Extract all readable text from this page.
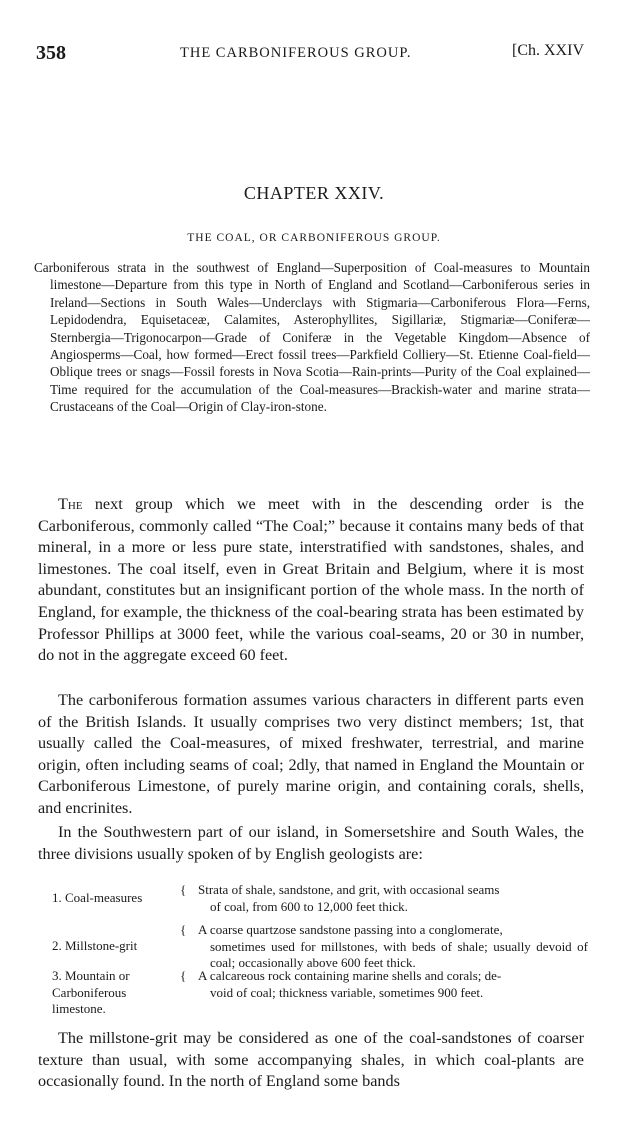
358	THE CARBONIFEROUS GROUP.	[Ch. XXIV
CHAPTER XXIV.
THE COAL, OR CARBONIFEROUS GROUP.

Carboniferous strata in the southwest of England—Superposition of Coal-measures to Mountain limestone—Departure from this type in North of England and Scotland—Carboniferous series in Ireland—Sections in South Wales—Underclays with Stigmaria—Carboniferous Flora—Ferns, Lepidodendra, Equisetaceæ, Calamites, Asterophyllites, Sigillariæ, Stigmariæ—Coniferæ—Sternbergia—Trigonocarpon—Grade of Coniferæ in the Vegetable Kingdom—Absence of Angiosperms—Coal, how formed—Erect fossil trees—Parkfield Colliery—St. Etienne Coal-field—Oblique trees or snags—Fossil forests in Nova Scotia—Rain-prints—Purity of the Coal explained—Time required for the accumulation of the Coal-measures—Brackish-water and marine strata—Crustaceans of the Coal—Origin of Clay-iron-stone.

The next group which we meet with in the descending order is the Carboniferous, commonly called “The Coal;” because it contains many beds of that mineral, in a more or less pure state, interstratified with sandstones, shales, and limestones. The coal itself, even in Great Britain and Belgium, where it is most abundant, constitutes but an insignificant portion of the whole mass. In the north of England, for example, the thickness of the coal-bearing strata has been estimated by Professor Phillips at 3000 feet, while the various coal-seams, 20 or 30 in number, do not in the aggregate exceed 60 feet.

The carboniferous formation assumes various characters in different parts even of the British Islands. It usually comprises two very distinct members; 1st, that usually called the Coal-measures, of mixed freshwater, terrestrial, and marine origin, often including seams of coal; 2dly, that named in England the Mountain or Carboniferous Limestone, of purely marine origin, and containing corals, shells, and encrinites.

In the Southwestern part of our island, in Somersetshire and South Wales, the three divisions usually spoken of by English geologists are:

1. Coal-measures
{ Strata of shale, sandstone, and grit, with occasional seams
of coal, from 600 to 12,000 feet thick.
2. Millstone-grit
{ A coarse quartzose sandstone passing into a conglomerate,
sometimes used for millstones, with beds of shale; usually devoid of coal; occasionally above 600 feet thick.
3. Mountain or Carboniferous limestone.
{ A calcareous rock containing marine shells and corals; de-
void of coal; thickness variable, sometimes 900 feet.

The millstone-grit may be considered as one of the coal-sandstones of coarser texture than usual, with some accompanying shales, in which coal-plants are occasionally found. In the north of England some bands
